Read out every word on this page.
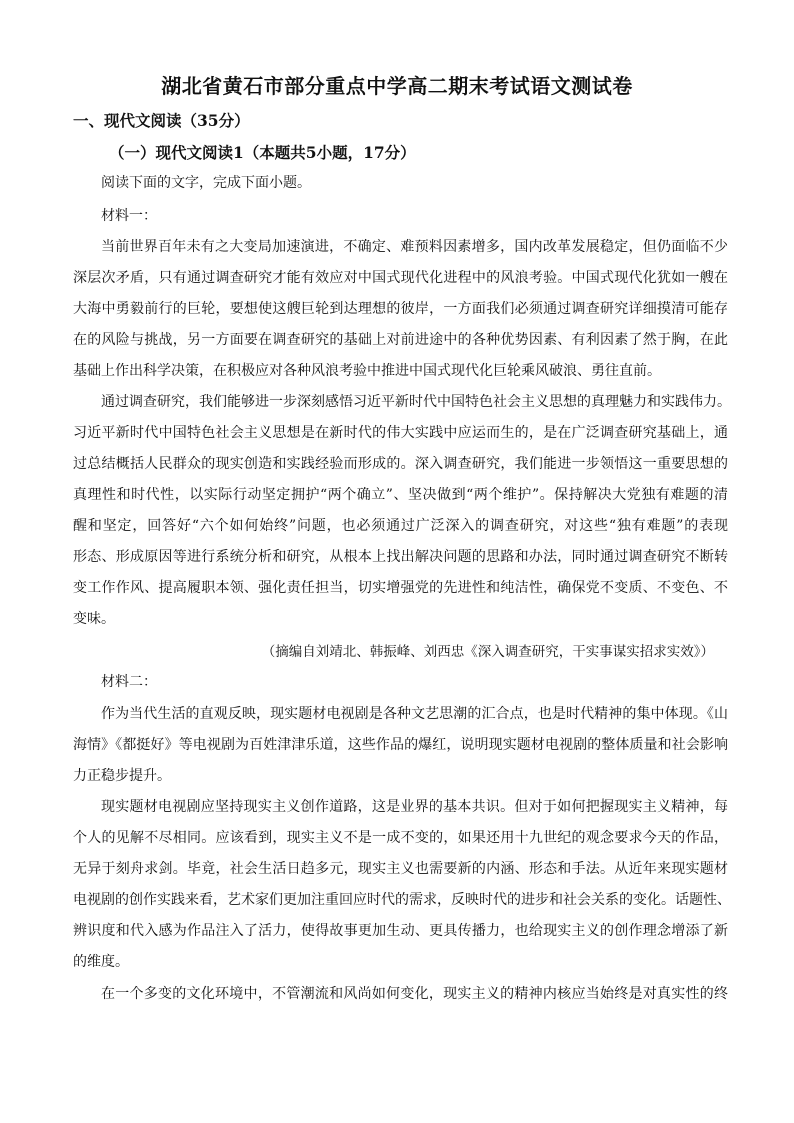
湖北省黄石市部分重点中学高二期末考试语文测试卷
一、现代文阅读（35分）
（一）现代文阅读1（本题共5小题，17分）
阅读下面的文字，完成下面小题。
材料一：
当前世界百年未有之大变局加速演进，不确定、难预料因素增多，国内改革发展稳定，但仍面临不少
深层次矛盾，只有通过调查研究才能有效应对中国式现代化进程中的风浪考验。中国式现代化犹如一艘在
大海中勇毅前行的巨轮，要想使这艘巨轮到达理想的彼岸，一方面我们必须通过调查研究详细摸清可能存
在的风险与挑战，另一方面要在调查研究的基础上对前进途中的各种优势因素、有利因素了然于胸，在此
基础上作出科学决策，在积极应对各种风浪考验中推进中国式现代化巨轮乘风破浪、勇往直前。
通过调查研究，我们能够进一步深刻感悟习近平新时代中国特色社会主义思想的真理魅力和实践伟力。
习近平新时代中国特色社会主义思想是在新时代的伟大实践中应运而生的，是在广泛调查研究基础上，通
过总结概括人民群众的现实创造和实践经验而形成的。深入调查研究，我们能进一步领悟这一重要思想的
真理性和时代性，以实际行动坚定拥护“两个确立”、坚决做到“两个维护”。保持解决大党独有难题的清
醒和坚定，回答好“六个如何始终”问题，也必须通过广泛深入的调查研究，对这些“独有难题”的表现
形态、形成原因等进行系统分析和研究，从根本上找出解决问题的思路和办法，同时通过调查研究不断转
变工作作风、提高履职本领、强化责任担当，切实增强党的先进性和纯洁性，确保党不变质、不变色、不
变味。
（摘编自刘靖北、韩振峰、刘西忠《深入调查研究，干实事谋实招求实效》）
材料二：
作为当代生活的直观反映，现实题材电视剧是各种文艺思潮的汇合点，也是时代精神的集中体现。《山
海情》《都挺好》等电视剧为百姓津津乐道，这些作品的爆红，说明现实题材电视剧的整体质量和社会影响
力正稳步提升。
现实题材电视剧应坚持现实主义创作道路，这是业界的基本共识。但对于如何把握现实主义精神，每
个人的见解不尽相同。应该看到，现实主义不是一成不变的，如果还用十九世纪的观念要求今天的作品，
无异于刻舟求剑。毕竟，社会生活日趋多元，现实主义也需要新的内涵、形态和手法。从近年来现实题材
电视剧的创作实践来看，艺术家们更加注重回应时代的需求，反映时代的进步和社会关系的变化。话题性、
辨识度和代入感为作品注入了活力，使得故事更加生动、更具传播力，也给现实主义的创作理念增添了新
的维度。
在一个多变的文化环境中，不管潮流和风尚如何变化，现实主义的精神内核应当始终是对真实性的终
